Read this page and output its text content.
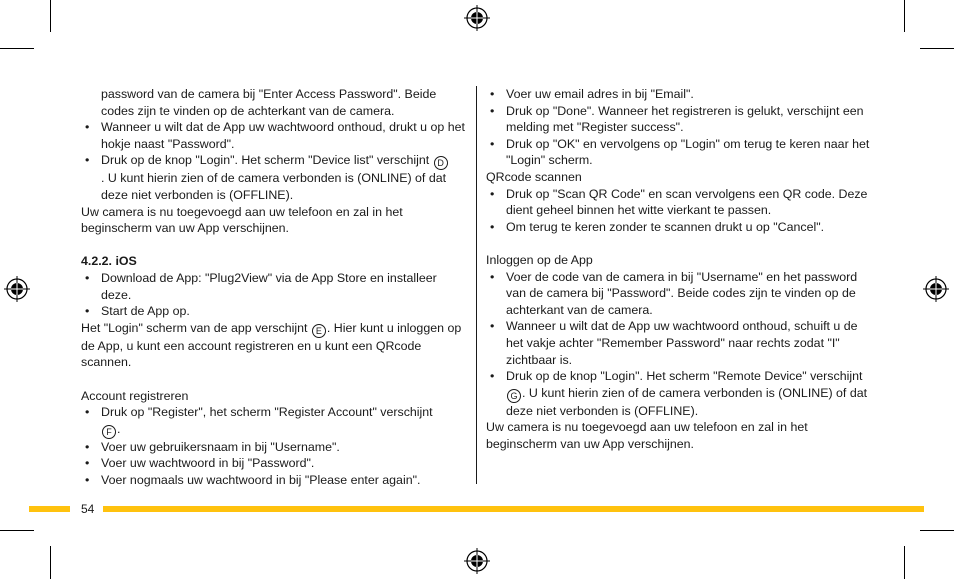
password van de camera bij "Enter Access Password". Beide codes zijn te vinden op de achterkant van de camera.

• Wanneer u wilt dat de App uw wachtwoord onthoud, drukt u op het hokje naast "Password".

• Druk op de knop "Login". Het scherm "Device list" verschijnt D
. U kunt hierin zien of de camera verbonden is (ONLINE) of dat deze niet verbonden is (OFFLINE).

Uw camera is nu toegevoegd aan uw telefoon en zal in het beginscherm van uw App verschijnen.

4.2.2. iOS

• Download de App: "Plug2View" via de App Store en installeer deze.

• Start de App op.

Het "Login" scherm van de app verschijnt E . Hier kunt u inloggen op de App, u kunt een account registreren en u kunt een QRcode scannen.

Account registreren

• Druk op "Register", het scherm "Register Account" verschijnt
F .

• Voer uw gebruikersnaam in bij "Username".

• Voer uw wachtwoord in bij "Password".

• Voer nogmaals uw wachtwoord in bij "Please enter again".

• Voer uw email adres in bij "Email".

• Druk op "Done". Wanneer het registreren is gelukt, verschijnt een melding met "Register success".

• Druk op "OK" en vervolgens op "Login" om terug te keren naar het "Login" scherm.

QRcode scannen

• Druk op "Scan QR Code" en scan vervolgens een QR code. Deze dient geheel binnen het witte vierkant te passen.

• Om terug te keren zonder te scannen drukt u op "Cancel".

Inloggen op de App

• Voer de code van de camera in bij "Username" en het password van de camera bij "Password". Beide codes zijn te vinden op de achterkant van de camera.

• Wanneer u wilt dat de App uw wachtwoord onthoud, schuift u de het vakje achter "Remember Password" naar rechts zodat "I" zichtbaar is.

• Druk op de knop "Login". Het scherm "Remote Device" verschijnt
G . U kunt hierin zien of de camera verbonden is (ONLINE) of dat deze niet verbonden is (OFFLINE).

Uw camera is nu toegevoegd aan uw telefoon en zal in het beginscherm van uw App verschijnen.

54
